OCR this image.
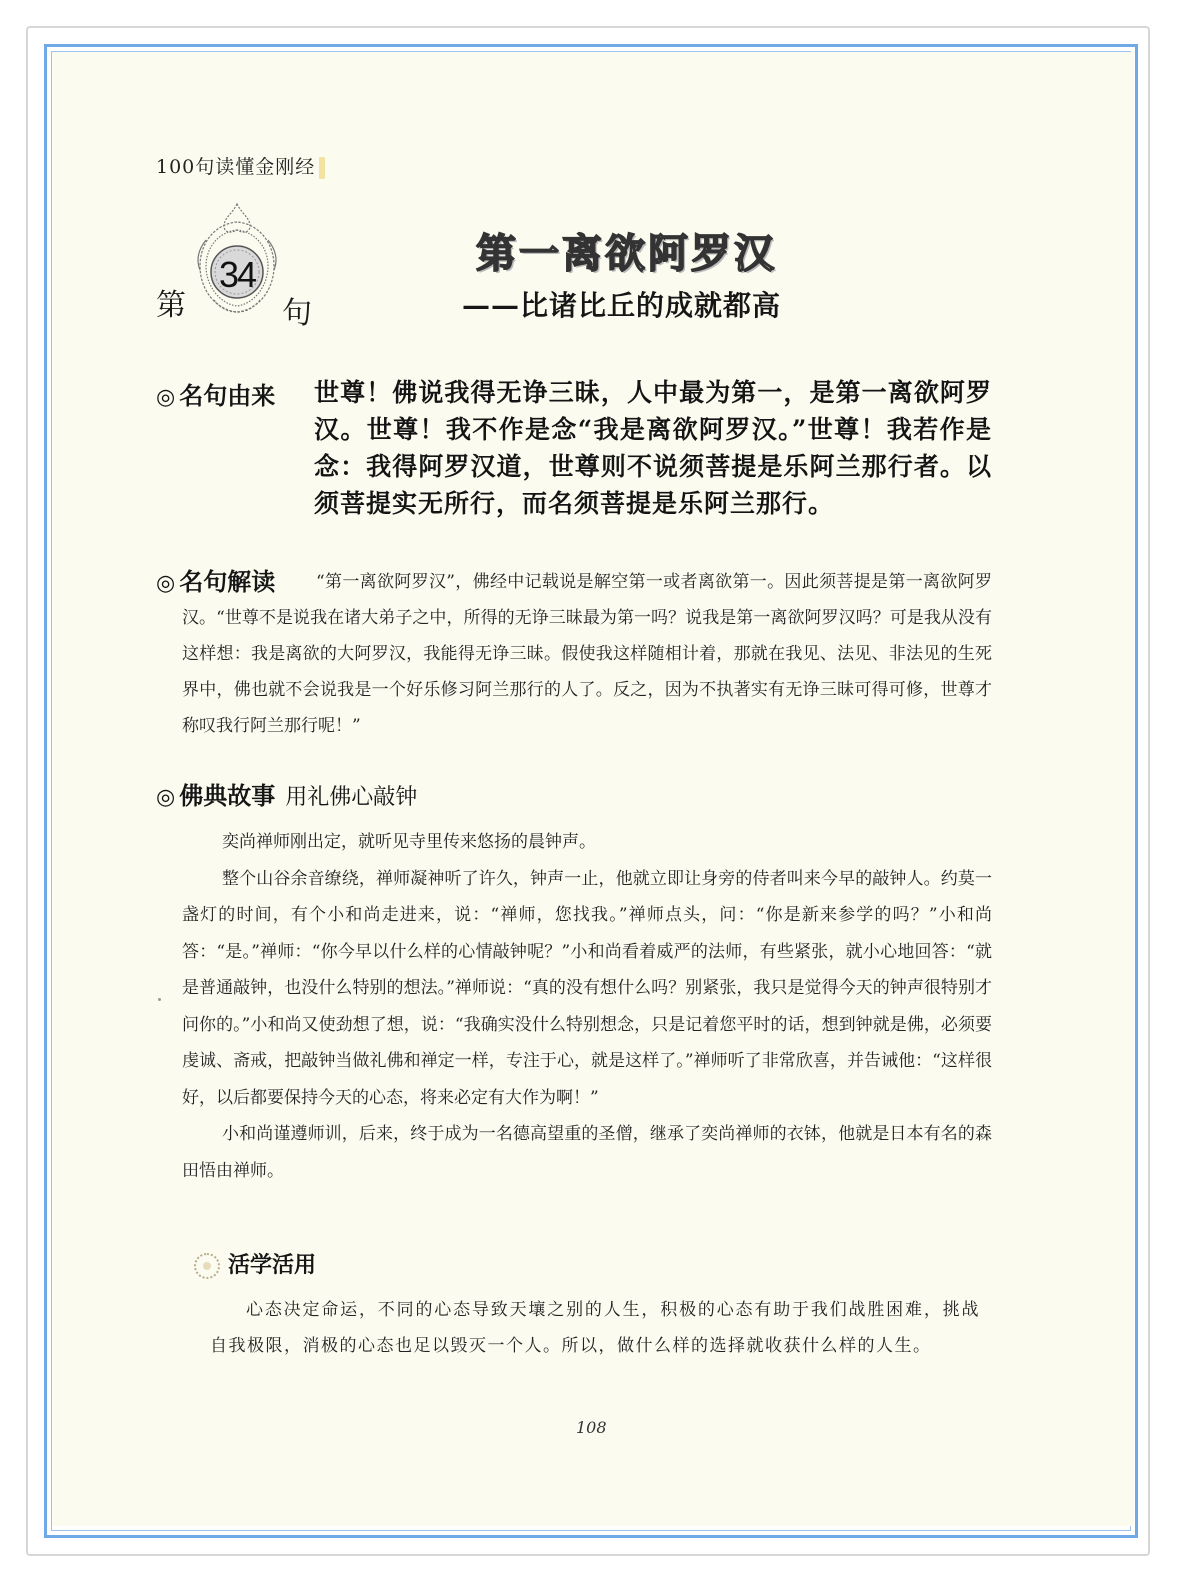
100句读懂金刚经
第
34
句
第一离欲阿罗汉
——比诸比丘的成就都高
◎ 名句由来 世尊！佛说我得无诤三昧，人中最为第一，是第一离欲阿罗汉。世尊！我不作是念“我是离欲阿罗汉。”世尊！我若作是念：我得阿罗汉道，世尊则不说须菩提是乐阿兰那行者。以须菩提实无所行，而名须菩提是乐阿兰那行。
◎ 名句解读	“第一离欲阿罗汉”，佛经中记载说是解空第一或者离欲第一。因此须菩提是第一离欲阿罗汉。“世尊不是说我在诸大弟子之中，所得的无诤三昧最为第一吗？说我是第一离欲阿罗汉吗？可是我从没有这样想：我是离欲的大阿罗汉，我能得无诤三昧。假使我这样随相计着，那就在我见、法见、非法见的生死界中，佛也就不会说我是一个好乐修习阿兰那行的人了。反之，因为不执著实有无诤三昧可得可修，世尊才称叹我行阿兰那行呢！”
◎ 佛典故事 用礼佛心敲钟

奕尚禅师刚出定，就听见寺里传来悠扬的晨钟声。

整个山谷余音缭绕，禅师凝神听了许久，钟声一止，他就立即让身旁的侍者叫来今早的敲钟人。约莫一盏灯的时间，有个小和尚走进来，说：“禅师，您找我。”禅师点头，问：“你是新来参学的吗？”小和尚答：“是。”禅师：“你今早以什么样的心情敲钟呢？”小和尚看着威严的法师，有些紧张，就小心地回答：“就是普通敲钟，也没什么特别的想法。”禅师说：“真的没有想什么吗？别紧张，我只是觉得今天的钟声很特别才问你的。”小和尚又使劲想了想，说：“我确实没什么特别想念，只是记着您平时的话，想到钟就是佛，必须要虔诚、斋戒，把敲钟当做礼佛和禅定一样，专注于心，就是这样了。”禅师听了非常欣喜，并告诫他：“这样很好，以后都要保持今天的心态，将来必定有大作为啊！”

小和尚谨遵师训，后来，终于成为一名德高望重的圣僧，继承了奕尚禅师的衣钵，他就是日本有名的森田悟由禅师。

活学活用
心态决定命运，不同的心态导致天壤之别的人生，积极的心态有助于我们战胜困难，挑战自我极限，消极的心态也足以毁灭一个人。所以，做什么样的选择就收获什么样的人生。
108
